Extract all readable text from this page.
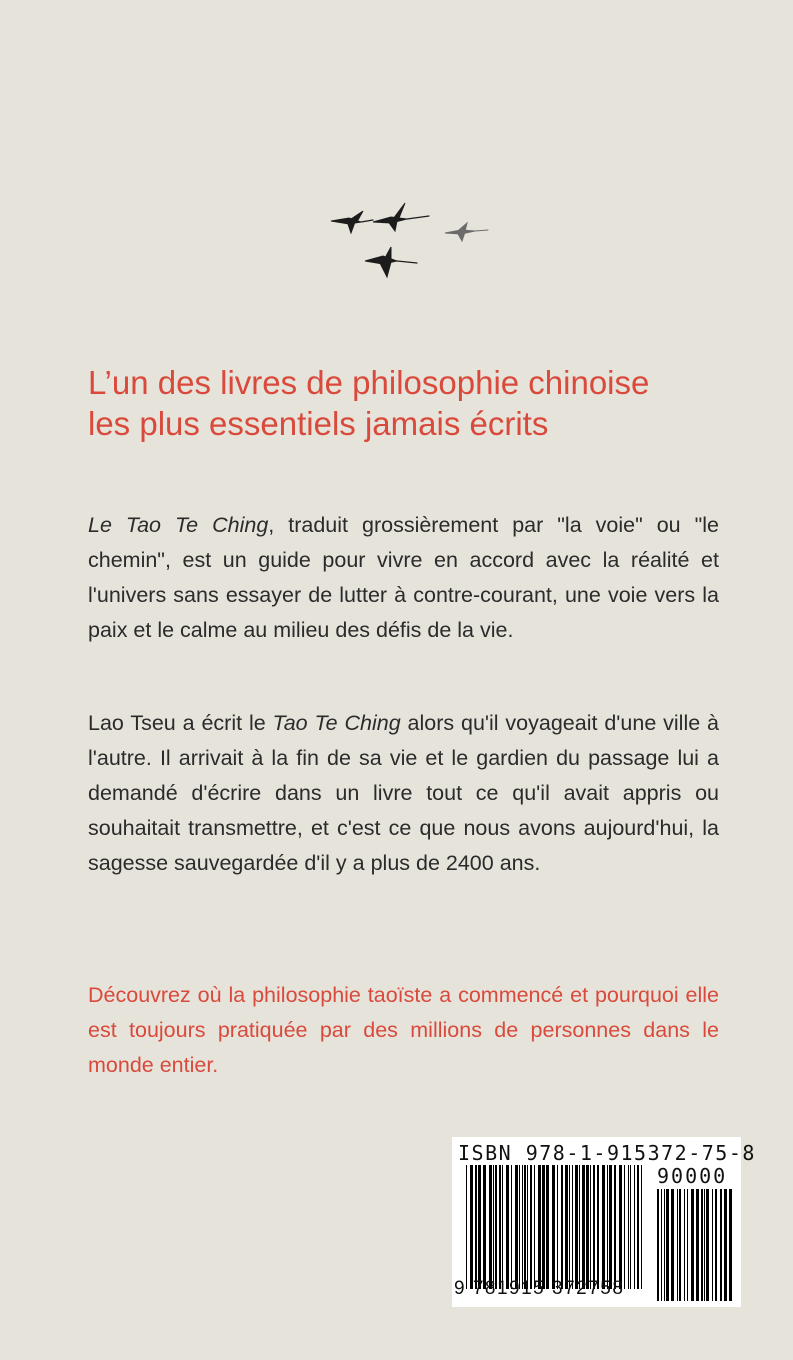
L’un des livres de philosophie chinoise
les plus essentiels jamais écrits

Le Tao Te Ching, traduit grossièrement par "la voie" ou "le chemin", est un guide pour vivre en accord avec la réalité et l'univers sans essayer de lutter à contre-courant, une voie vers la paix et le calme au milieu des défis de la vie.

Lao Tseu a écrit le Tao Te Ching alors qu'il voyageait d'une ville à l'autre. Il arrivait à la fin de sa vie et le gardien du passage lui a demandé d'écrire dans un livre tout ce qu'il avait appris ou souhaitait transmettre, et c'est ce que nous avons aujourd'hui, la sagesse sauvegardée d'il y a plus de 2400 ans.

Découvrez où la philosophie taoïste a commencé et pourquoi elle est toujours pratiquée par des millions de personnes dans le monde entier.

ISBN 978-1-915372-75-8
90000
9 781915 372758
